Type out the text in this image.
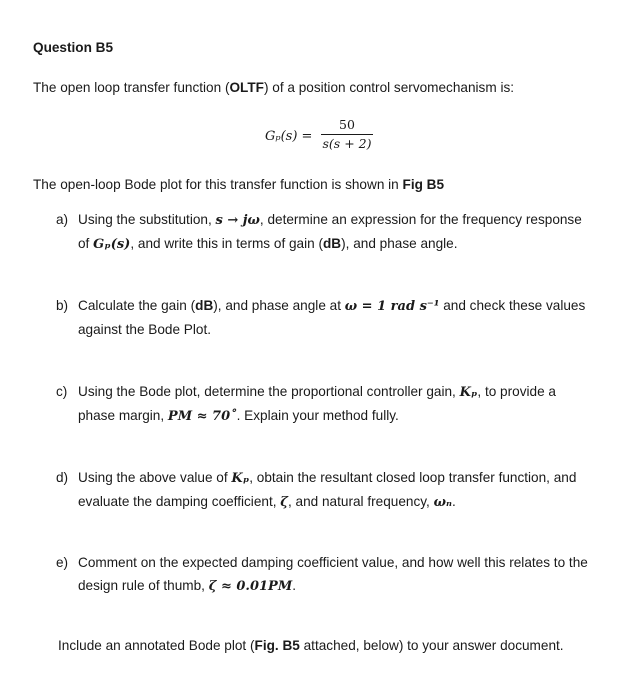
Question B5
The open loop transfer function (OLTF) of a position control servomechanism is:
Gₚ(s) =
50
s(s + 2)
The open-loop Bode plot for this transfer function is shown in Fig B5
a) Using the substitution, s → jω, determine an expression for the frequency response
of Gₚ(s), and write this in terms of gain (dB), and phase angle.
b) Calculate the gain (dB), and phase angle at ω = 1 rad s⁻¹ and check these values
against the Bode Plot.
c) Using the Bode plot, determine the proportional controller gain, Kₚ, to provide a
phase margin, PM ≈ 70˚. Explain your method fully.
d) Using the above value of Kₚ, obtain the resultant closed loop transfer function, and
evaluate the damping coefficient, ζ, and natural frequency, ωₙ.
e) Comment on the expected damping coefficient value, and how well this relates to the
design rule of thumb, ζ ≈ 0.01PM.
Include an annotated Bode plot (Fig. B5 attached, below) to your answer document.
